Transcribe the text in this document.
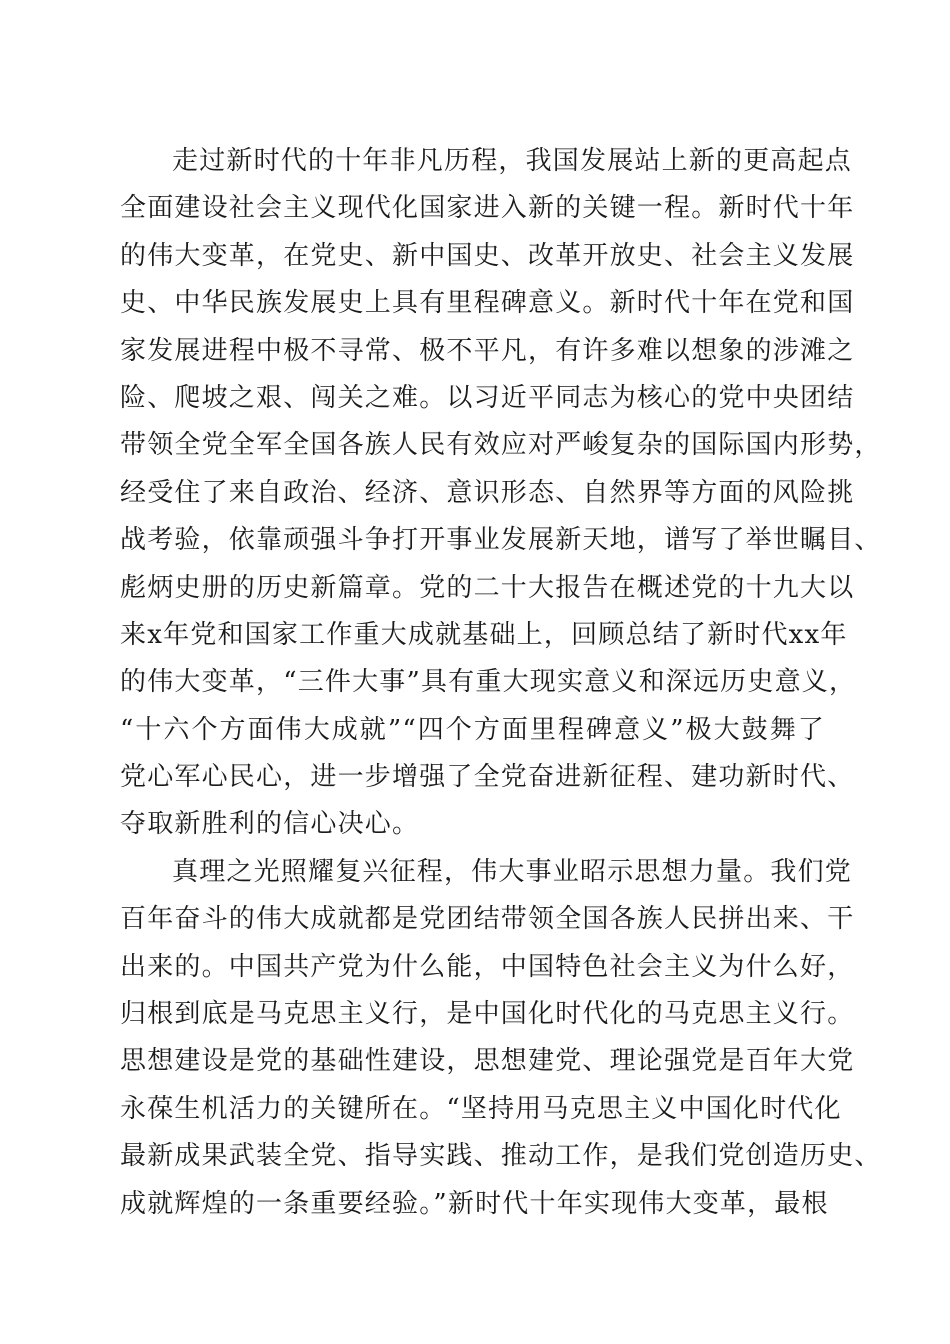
走过新时代的十年非凡历程，我国发展站上新的更高起点
全面建设社会主义现代化国家进入新的关键一程。新时代十年
的伟大变革，在党史、新中国史、改革开放史、社会主义发展
史、中华民族发展史上具有里程碑意义。新时代十年在党和国
家发展进程中极不寻常、极不平凡，有许多难以想象的涉滩之
险、爬坡之艰、闯关之难。以习近平同志为核心的党中央团结
带领全党全军全国各族人民有效应对严峻复杂的国际国内形势，
经受住了来自政治、经济、意识形态、自然界等方面的风险挑
战考验，依靠顽强斗争打开事业发展新天地，谱写了举世瞩目、
彪炳史册的历史新篇章。党的二十大报告在概述党的十九大以
来x年党和国家工作重大成就基础上，回顾总结了新时代xx年
的伟大变革，“三件大事”具有重大现实意义和深远历史意义，
“十六个方面伟大成就”“四个方面里程碑意义”极大鼓舞了
党心军心民心，进一步增强了全党奋进新征程、建功新时代、
夺取新胜利的信心决心。
真理之光照耀复兴征程，伟大事业昭示思想力量。我们党
百年奋斗的伟大成就都是党团结带领全国各族人民拼出来、干
出来的。中国共产党为什么能，中国特色社会主义为什么好，
归根到底是马克思主义行，是中国化时代化的马克思主义行。
思想建设是党的基础性建设，思想建党、理论强党是百年大党
永葆生机活力的关键所在。“坚持用马克思主义中国化时代化
最新成果武装全党、指导实践、推动工作，是我们党创造历史、
成就辉煌的一条重要经验。”新时代十年实现伟大变革，最根
